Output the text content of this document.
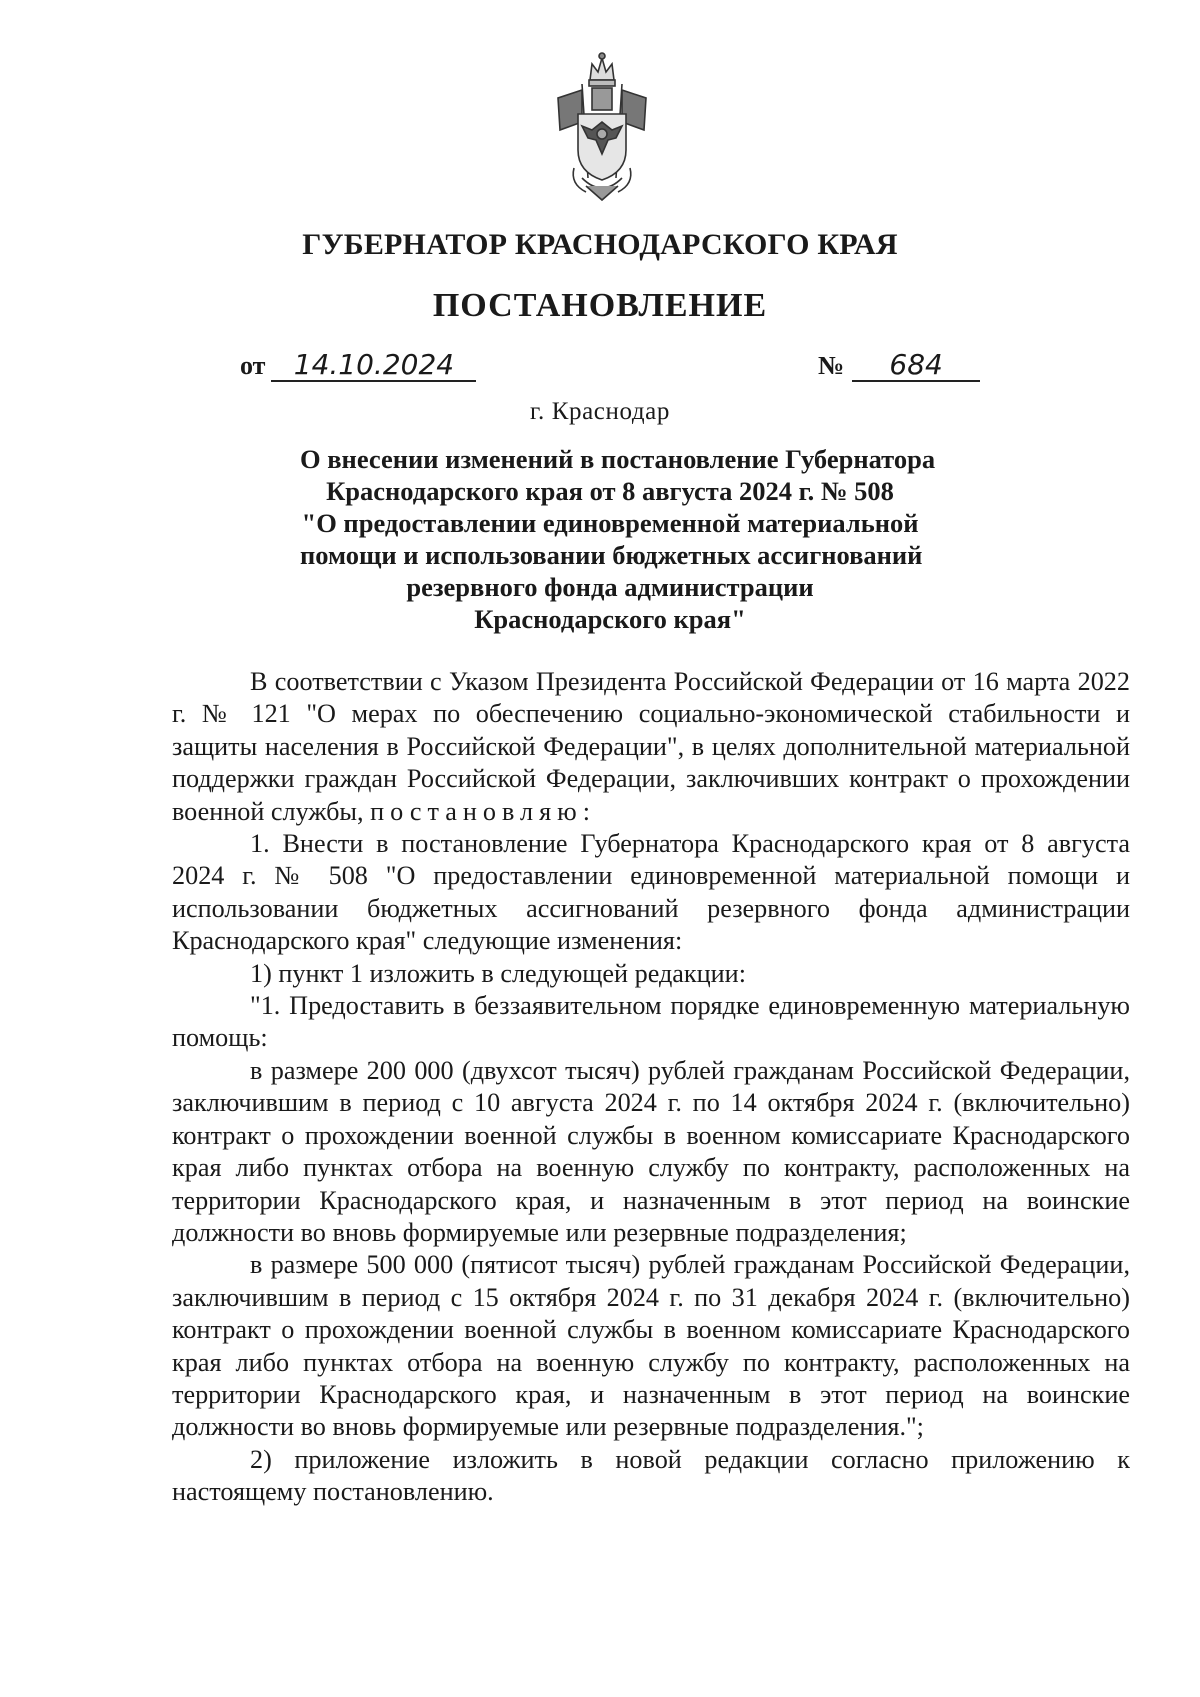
ГУБЕРНАТОР КРАСНОДАРСКОГО КРАЯ
ПОСТАНОВЛЕНИЕ
от 14.10.2024	№ 684
г. Краснодар
О внесении изменений в постановление Губернатора
Краснодарского края от 8 августа 2024 г. № 508
"О предоставлении единовременной материальной
помощи и использовании бюджетных ассигнований
резервного фонда администрации
Краснодарского края"

В соответствии с Указом Президента Российской Федерации от 16 марта 2022 г. № 121 "О мерах по обеспечению социально-экономической стабильности и защиты населения в Российской Федерации", в целях дополнительной материальной поддержки граждан Российской Федерации, заключивших контракт о прохождении военной службы, постановляю:

1. Внести в постановление Губернатора Краснодарского края от 8 августа 2024 г. № 508 "О предоставлении единовременной материальной помощи и использовании бюджетных ассигнований резервного фонда администрации Краснодарского края" следующие изменения:

1) пункт 1 изложить в следующей редакции:

"1. Предоставить в беззаявительном порядке единовременную материальную помощь:

в размере 200 000 (двухсот тысяч) рублей гражданам Российской Федерации, заключившим в период с 10 августа 2024 г. по 14 октября 2024 г. (включительно) контракт о прохождении военной службы в военном комиссариате Краснодарского края либо пунктах отбора на военную службу по контракту, расположенных на территории Краснодарского края, и назначенным в этот период на воинские должности во вновь формируемые или резервные подразделения;

в размере 500 000 (пятисот тысяч) рублей гражданам Российской Федерации, заключившим в период с 15 октября 2024 г. по 31 декабря 2024 г. (включительно) контракт о прохождении военной службы в военном комиссариате Краснодарского края либо пунктах отбора на военную службу по контракту, расположенных на территории Краснодарского края, и назначенным в этот период на воинские должности во вновь формируемые или резервные подразделения.";

2) приложение изложить в новой редакции согласно приложению к настоящему постановлению.
